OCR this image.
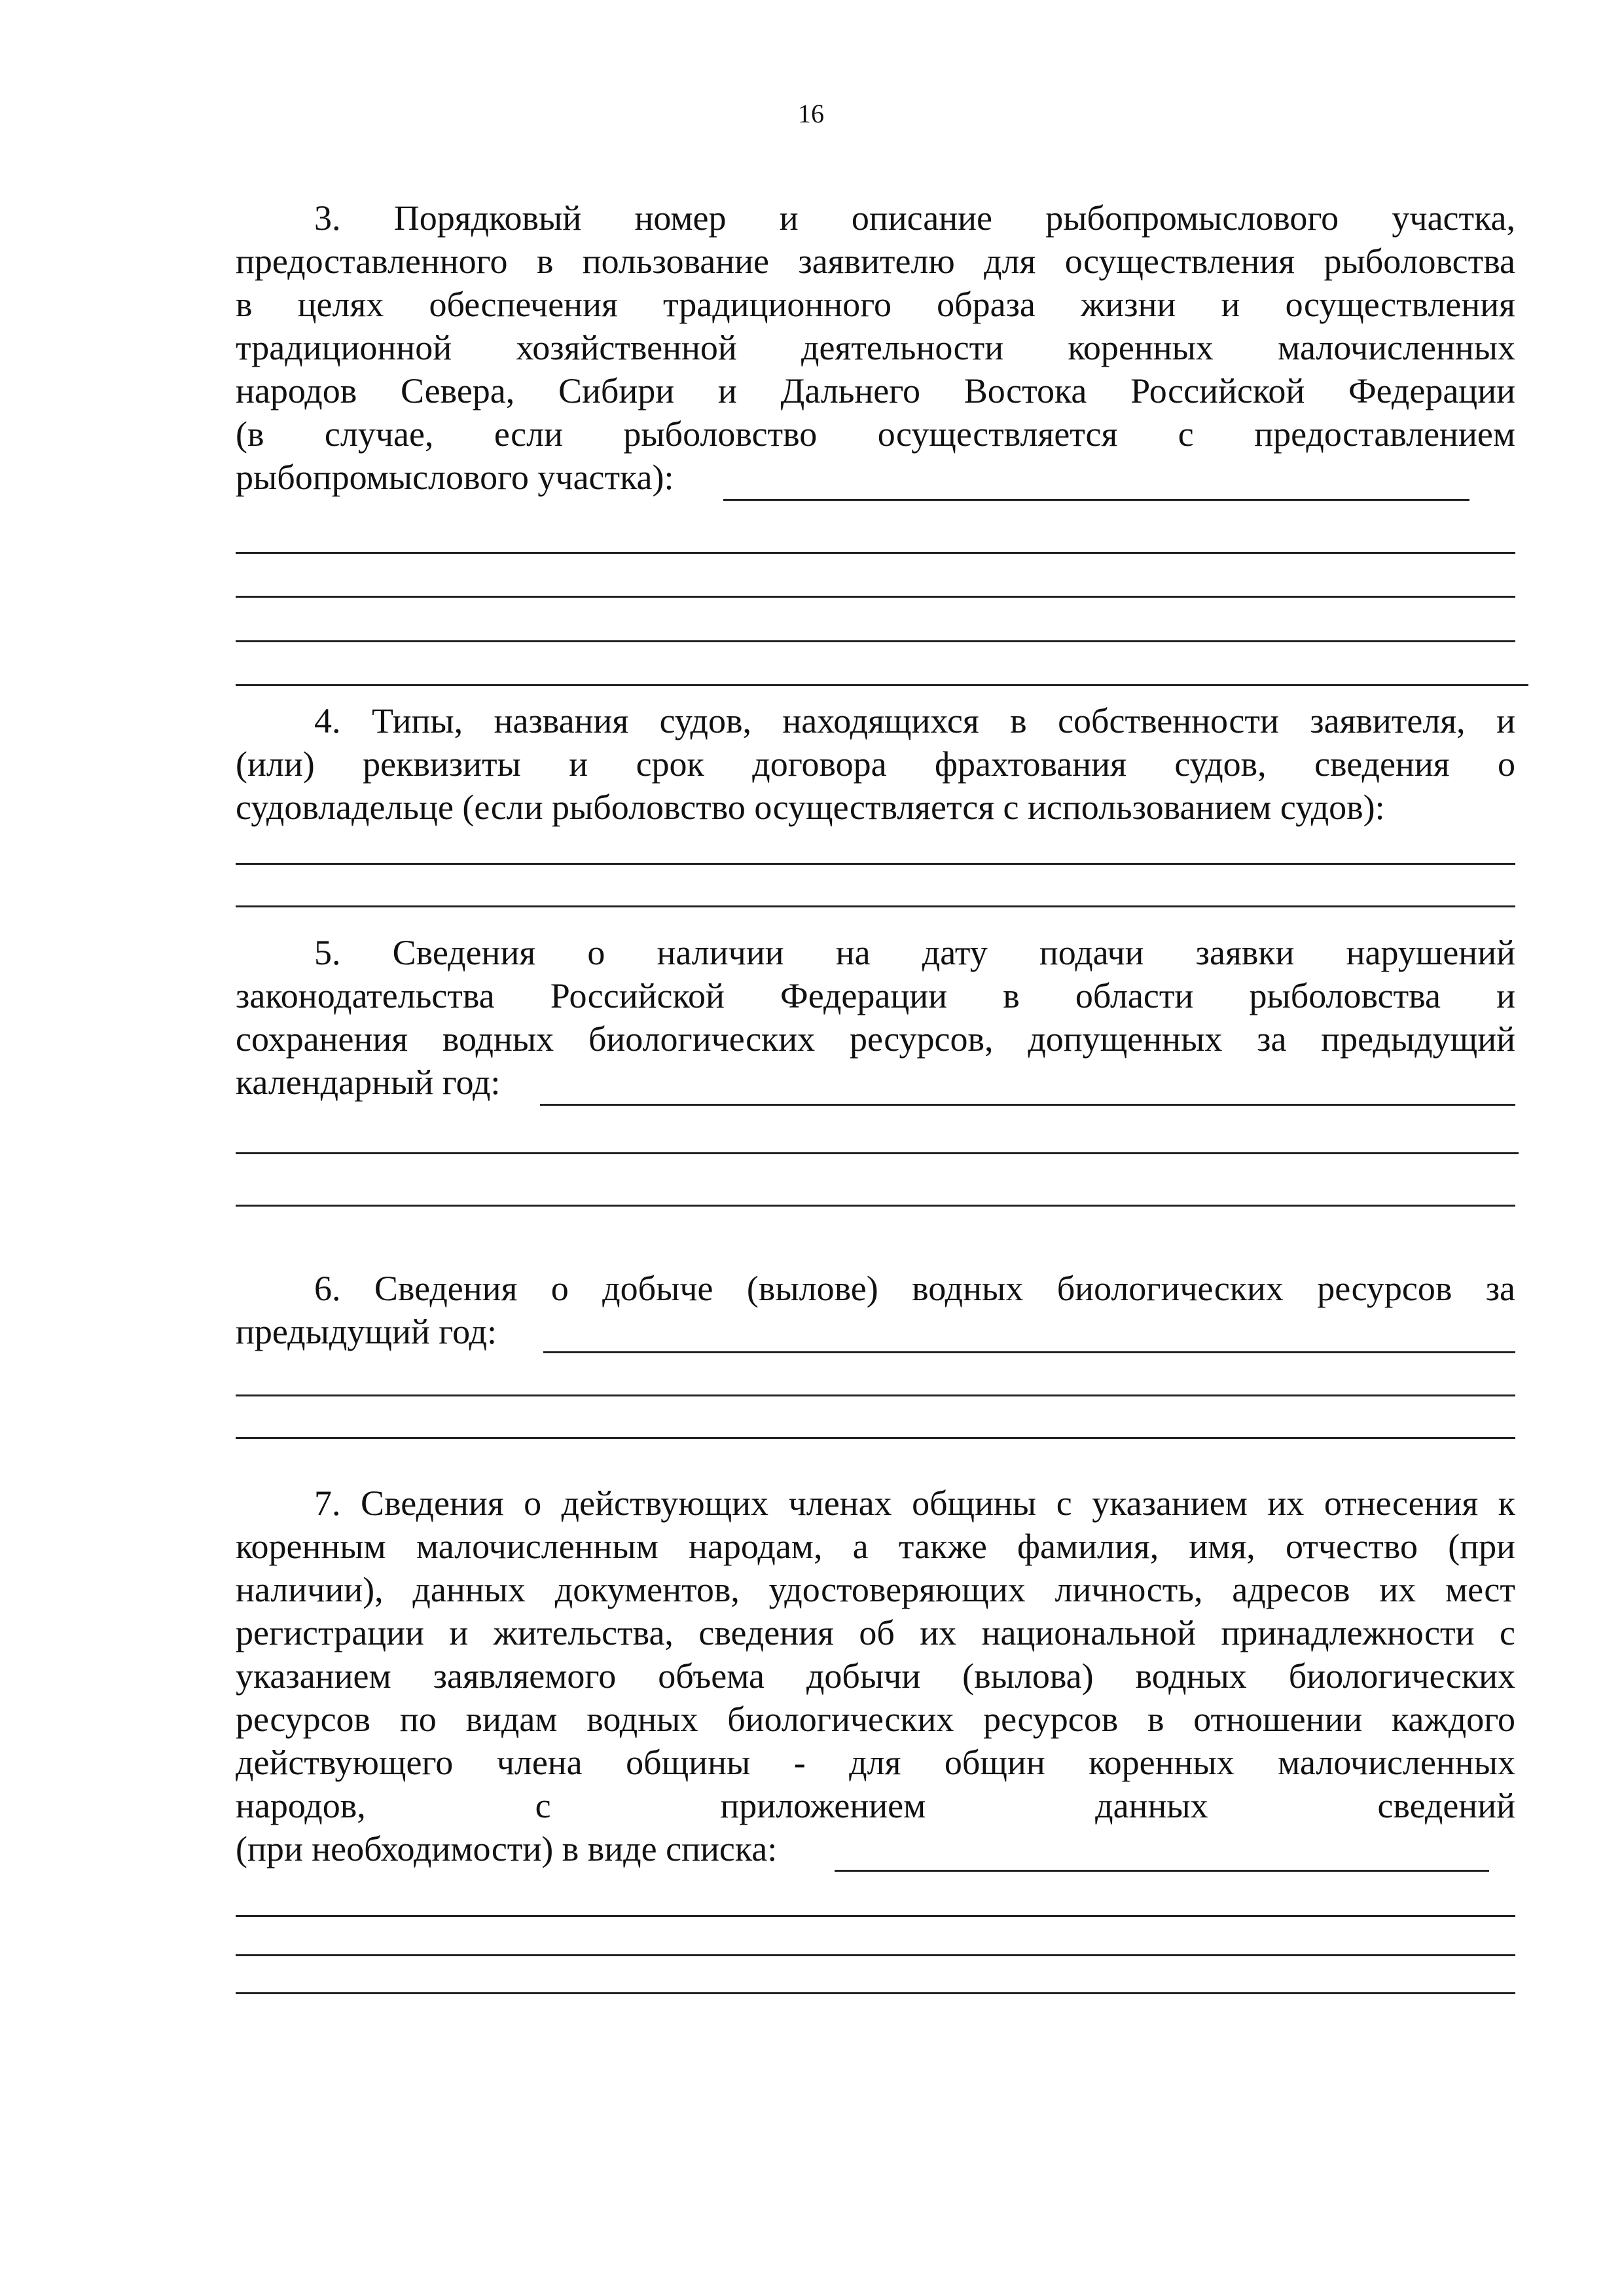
16
3. Порядковый номер и описание рыбопромыслового участка,
предоставленного в пользование заявителю для осуществления рыболовства
в целях обеспечения традиционного образа жизни и осуществления
традиционной хозяйственной деятельности коренных малочисленных
народов Севера, Сибири и Дальнего Востока Российской Федерации
(в случае, если рыболовство осуществляется с предоставлением
рыбопромыслового участка):
4. Типы, названия судов, находящихся в собственности заявителя, и
(или) реквизиты и срок договора фрахтования судов, сведения о
судовладельце (если рыболовство осуществляется с использованием судов):
5. Сведения о наличии на дату подачи заявки нарушений
законодательства Российской Федерации в области рыболовства и
сохранения водных биологических ресурсов, допущенных за предыдущий
календарный год:
6. Сведения о добыче (вылове) водных биологических ресурсов за
предыдущий год:
7. Сведения о действующих членах общины с указанием их отнесения к
коренным малочисленным народам, а также фамилия, имя, отчество (при
наличии), данных документов, удостоверяющих личность, адресов их мест
регистрации и жительства, сведения об их национальной принадлежности с
указанием заявляемого объема добычи (вылова) водных биологических
ресурсов по видам водных биологических ресурсов в отношении каждого
действующего члена общины - для общин коренных малочисленных
народов, с приложением данных сведений
(при необходимости) в виде списка:
